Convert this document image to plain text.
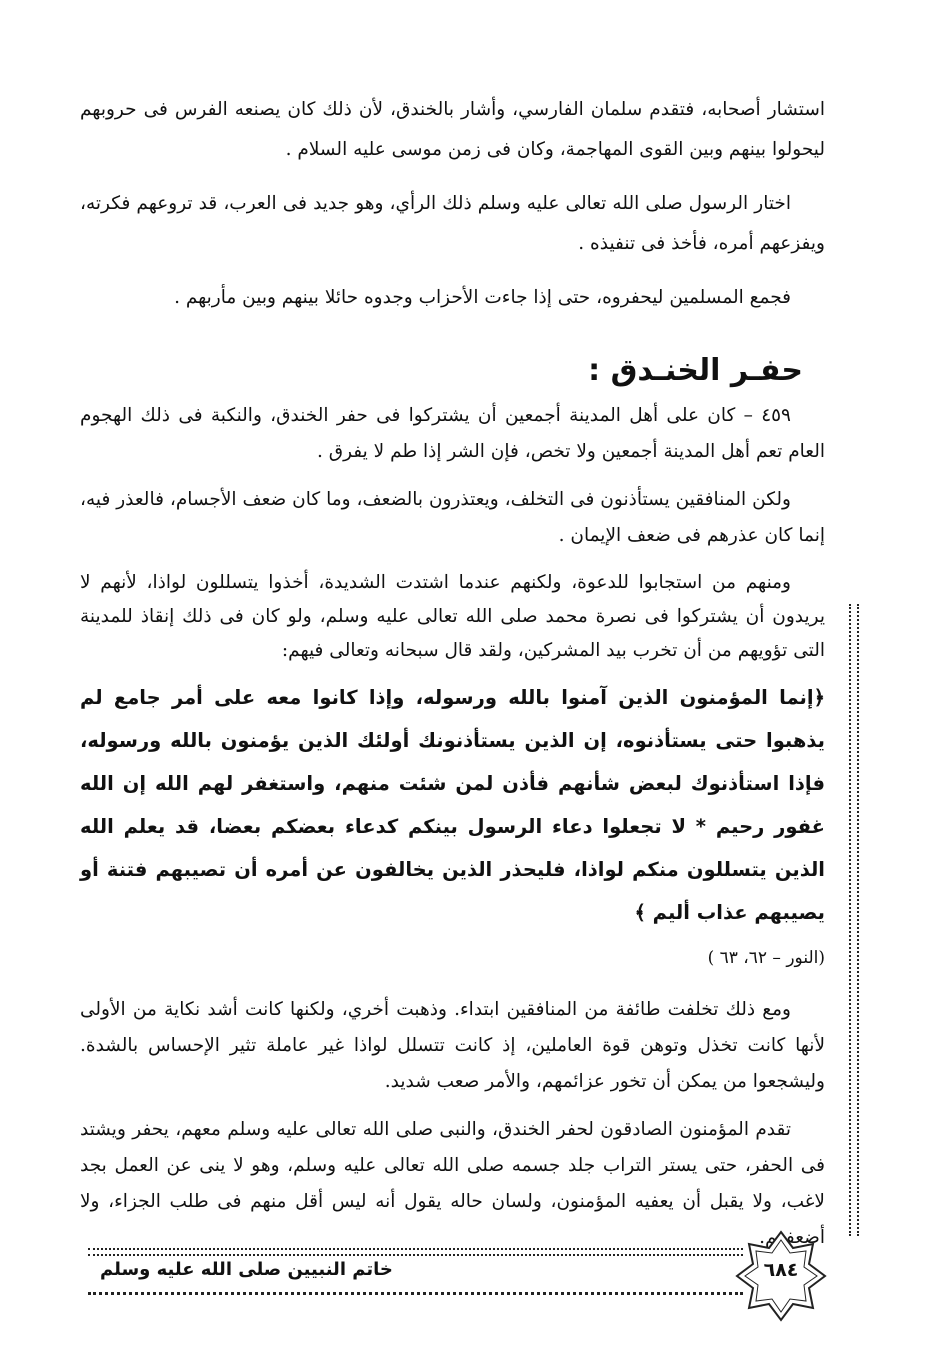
استشار أصحابه، فتقدم سلمان الفارسي، وأشار بالخندق، لأن ذلك كان يصنعه الفرس فى حروبهم ليحولوا بينهم وبين القوى المهاجمة، وكان فى زمن موسى عليه السلام .

اختار الرسول صلى الله تعالى عليه وسلم ذلك الرأي، وهو جديد فى العرب، قد تروعهم فكرته، ويفزعهم أمره، فأخذ فى تنفيذه .

فجمع المسلمين ليحفروه، حتى إذا جاءت الأحزاب وجدوه حائلا بينهم وبين مأربهم .

حفـر الخنـدق :

٤٥٩ – كان على أهل المدينة أجمعين أن يشتركوا فى حفر الخندق، والنكبة فى ذلك الهجوم العام تعم أهل المدينة أجمعين ولا تخص، فإن الشر إذا طم لا يفرق .

ولكن المنافقين يستأذنون فى التخلف، ويعتذرون بالضعف، وما كان ضعف الأجسام، فالعذر فيه، إنما كان عذرهم فى ضعف الإيمان .

ومنهم من استجابوا للدعوة، ولكنهم عندما اشتدت الشديدة، أخذوا يتسللون لواذا، لأنهم لا يريدون أن يشتركوا فى نصرة محمد صلى الله تعالى عليه وسلم، ولو كان فى ذلك إنقاذ للمدينة التى تؤويهم من أن تخرب بيد المشركين، ولقد قال سبحانه وتعالى فيهم:

﴿إنما المؤمنون الذين آمنوا بالله ورسوله، وإذا كانوا معه على أمر جامع لم يذهبوا حتى يستأذنوه، إن الذين يستأذنونك أولئك الذين يؤمنون بالله ورسوله، فإذا استأذنوك لبعض شأنهم فأذن لمن شئت منهم، واستغفر لهم الله إن الله غفور رحيم * لا تجعلوا دعاء الرسول بينكم كدعاء بعضكم بعضا، قد يعلم الله الذين يتسللون منكم لواذا، فليحذر الذين يخالفون عن أمره أن تصيبهم فتنة أو يصيبهم عذاب أليم ﴾

(النور – ٦٢، ٦٣ )

ومع ذلك تخلفت طائفة من المنافقين ابتداء. وذهبت أخري، ولكنها كانت أشد نكاية من الأولى لأنها كانت تخذل وتوهن قوة العاملين، إذ كانت تتسلل لواذا غير عاملة تثير الإحساس بالشدة. وليشجعوا من يمكن أن تخور عزائمهم، والأمر صعب شديد.

تقدم المؤمنون الصادقون لحفر الخندق، والنبى صلى الله تعالى عليه وسلم معهم، يحفر ويشتد فى الحفر، حتى يستر التراب جلد جسمه صلى الله تعالى عليه وسلم، وهو لا ينى عن العمل بجد لاغب، ولا يقبل أن يعفيه المؤمنون، ولسان حاله يقول أنه ليس أقل منهم فى طلب الجزاء، ولا أضعفهم.

خاتم النبيين صلى الله عليه وسلم	٦٨٤
